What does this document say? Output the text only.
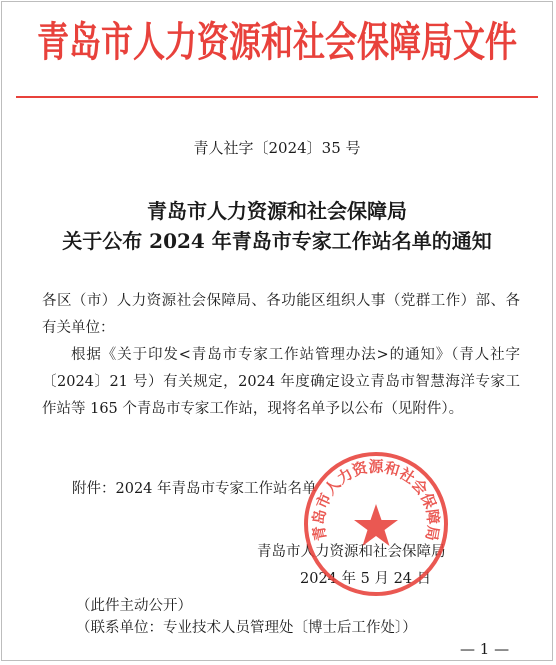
青岛市人力资源和社会保障局文件
青人社字〔2024〕35 号
青岛市人力资源和社会保障局
关于公布 2024 年青岛市专家工作站名单的通知
各区（市）人力资源社会保障局、各功能区组织人事（党群工作）部、各有关单位：
根据《关于印发<青岛市专家工作站管理办法>的通知》（青人社字〔2024〕21 号）有关规定，2024 年度确定设立青岛市智慧海洋专家工作站等 165 个青岛市专家工作站，现将名单予以公布（见附件）。
附件：2024 年青岛市专家工作站名单
青岛市人力资源和社会保障局
2024 年 5 月 24 日
青岛市人力资源和社会保障局
（此件主动公开）
（联系单位：专业技术人员管理处〔博士后工作处〕）
— 1 —
